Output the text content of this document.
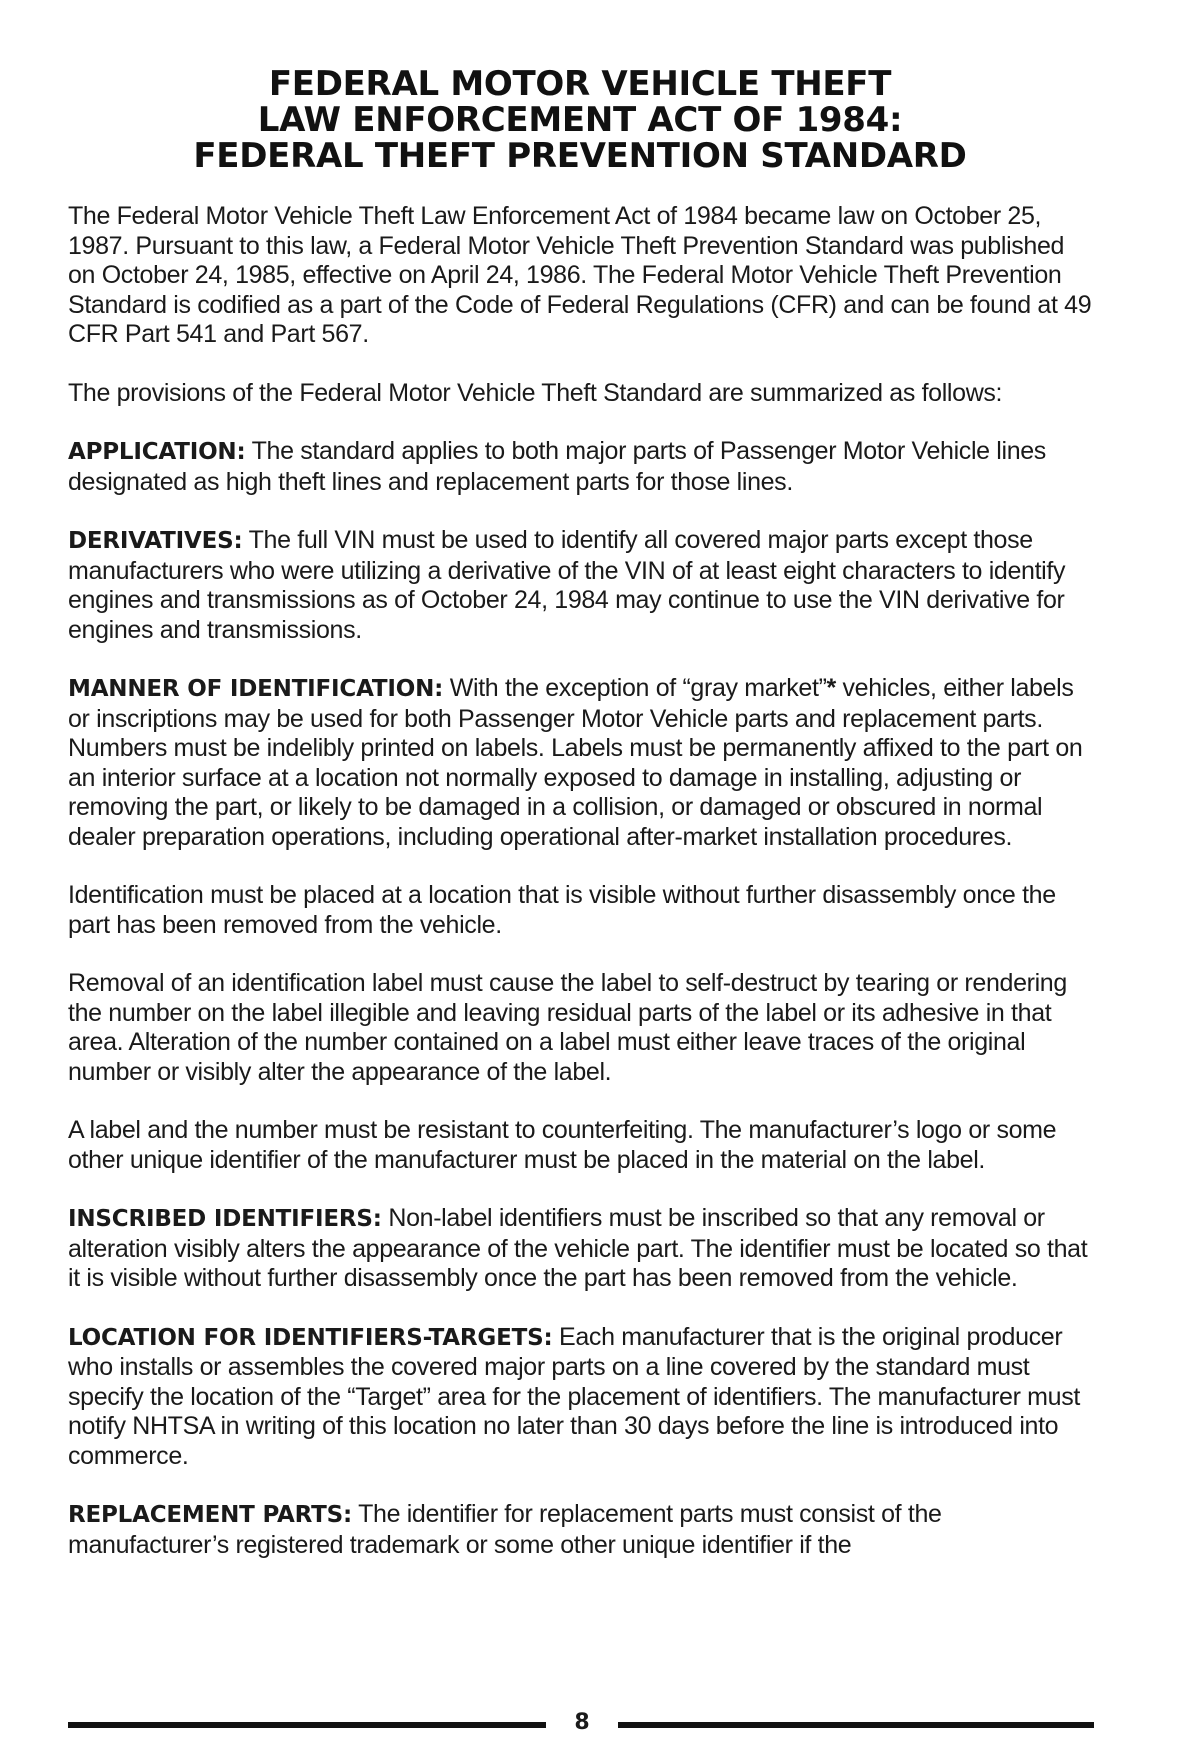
FEDERAL MOTOR VEHICLE THEFT
LAW ENFORCEMENT ACT OF 1984:
FEDERAL THEFT PREVENTION STANDARD

The Federal Motor Vehicle Theft Law Enforcement Act of 1984 became law on October 25, 1987. Pursuant to this law, a Federal Motor Vehicle Theft Prevention Standard was published on October 24, 1985, effective on April 24, 1986. The Federal Motor Vehicle Theft Prevention Standard is codified as a part of the Code of Federal Regulations (CFR) and can be found at 49 CFR Part 541 and Part 567.

The provisions of the Federal Motor Vehicle Theft Standard are summarized as follows:

APPLICATION: The standard applies to both major parts of Passenger Motor Vehicle lines designated as high theft lines and replacement parts for those lines.

DERIVATIVES: The full VIN must be used to identify all covered major parts except those manufacturers who were utilizing a derivative of the VIN of at least eight characters to identify engines and transmissions as of October 24, 1984 may continue to use the VIN derivative for engines and transmissions.

MANNER OF IDENTIFICATION: With the exception of “gray market”* vehicles, either labels or inscriptions may be used for both Passenger Motor Vehicle parts and replacement parts. Numbers must be indelibly printed on labels. Labels must be permanently affixed to the part on an interior surface at a location not normally exposed to damage in installing, adjusting or removing the part, or likely to be damaged in a collision, or damaged or obscured in normal dealer preparation operations, including operational after-market installation procedures.

Identification must be placed at a location that is visible without further disassembly once the part has been removed from the vehicle.

Removal of an identification label must cause the label to self-destruct by tearing or rendering the number on the label illegible and leaving residual parts of the label or its adhesive in that area. Alteration of the number contained on a label must either leave traces of the original number or visibly alter the appearance of the label.

A label and the number must be resistant to counterfeiting. The manufacturer’s logo or some other unique identifier of the manufacturer must be placed in the material on the label.

INSCRIBED IDENTIFIERS: Non-label identifiers must be inscribed so that any removal or alteration visibly alters the appearance of the vehicle part. The identifier must be located so that it is visible without further disassembly once the part has been removed from the vehicle.

LOCATION FOR IDENTIFIERS-TARGETS: Each manufacturer that is the original producer who installs or assembles the covered major parts on a line covered by the standard must specify the location of the “Target” area for the placement of identifiers. The manufacturer must notify NHTSA in writing of this location no later than 30 days before the line is introduced into commerce.

REPLACEMENT PARTS: The identifier for replacement parts must consist of the manufacturer’s registered trademark or some other unique identifier if the

8
